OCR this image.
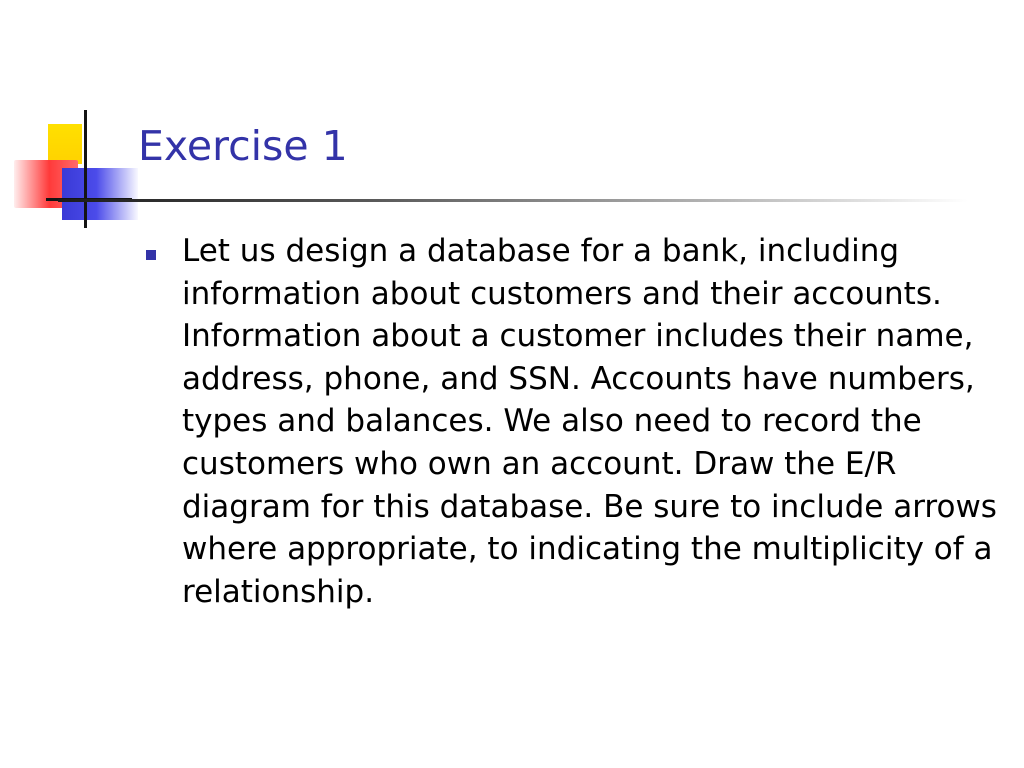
Exercise 1
Let us design a database for a bank, including information about customers and their accounts. Information about a customer includes their name, address, phone, and SSN. Accounts have numbers, types and balances. We also need to record the customers who own an account. Draw the E/R diagram for this database. Be sure to include arrows where appropriate, to indicating the multiplicity of a relationship.
